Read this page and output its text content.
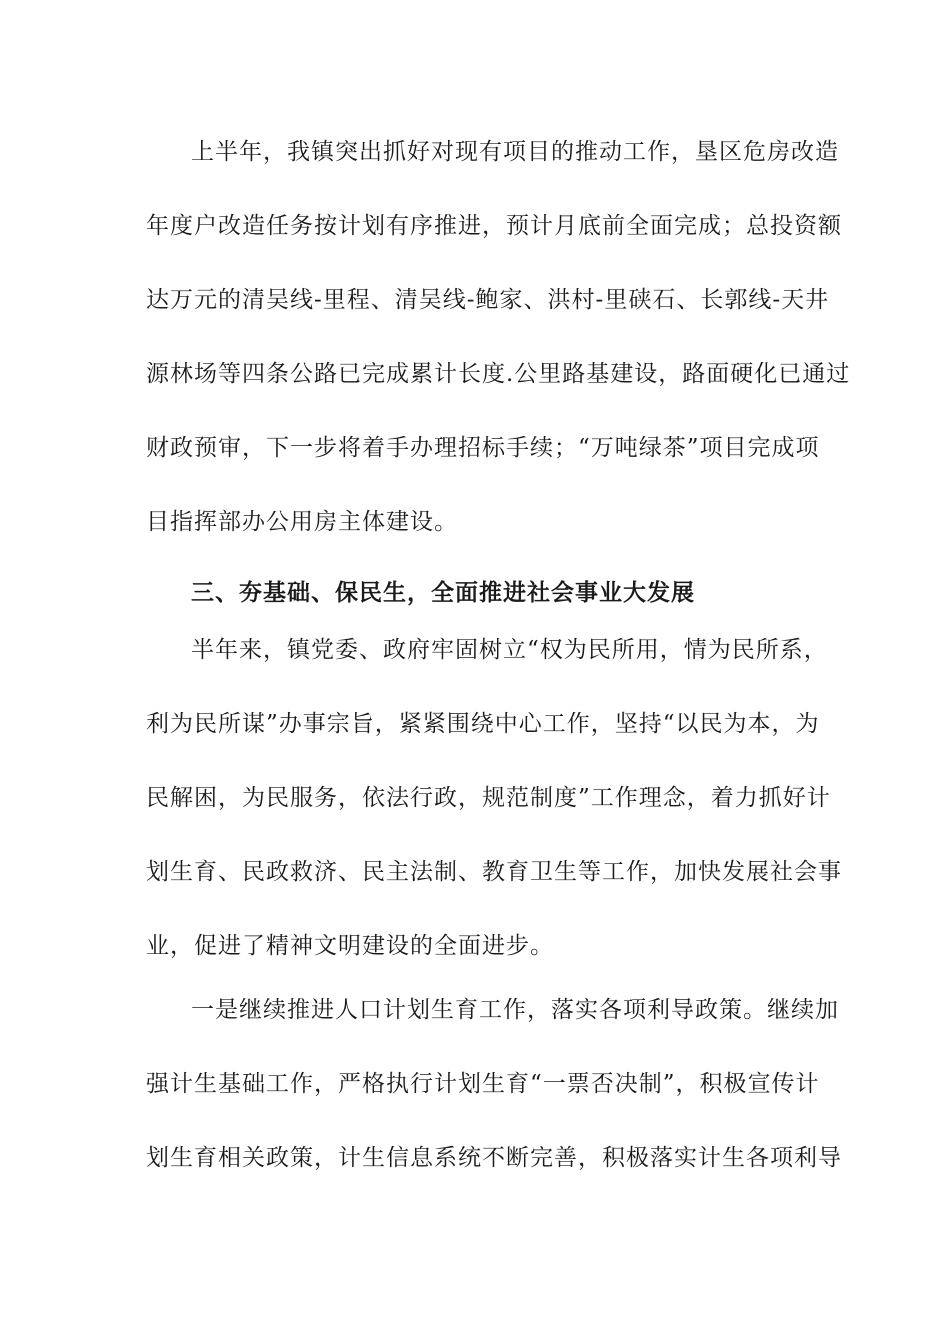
上半年，我镇突出抓好对现有项目的推动工作，垦区危房改造
年度户改造任务按计划有序推进，预计月底前全面完成；总投资额
达万元的清吴线-里程、清吴线-鲍家、洪村-里硖石、长郭线-天井
源林场等四条公路已完成累计长度.公里路基建设，路面硬化已通过
财政预审，下一步将着手办理招标手续；“万吨绿茶”项目完成项
目指挥部办公用房主体建设。
三、夯基础、保民生，全面推进社会事业大发展
半年来，镇党委、政府牢固树立“权为民所用，情为民所系，
利为民所谋”办事宗旨，紧紧围绕中心工作，坚持“以民为本，为
民解困，为民服务，依法行政，规范制度”工作理念，着力抓好计
划生育、民政救济、民主法制、教育卫生等工作，加快发展社会事
业，促进了精神文明建设的全面进步。
一是继续推进人口计划生育工作，落实各项利导政策。继续加
强计生基础工作，严格执行计划生育“一票否决制”，积极宣传计
划生育相关政策，计生信息系统不断完善，积极落实计生各项利导
